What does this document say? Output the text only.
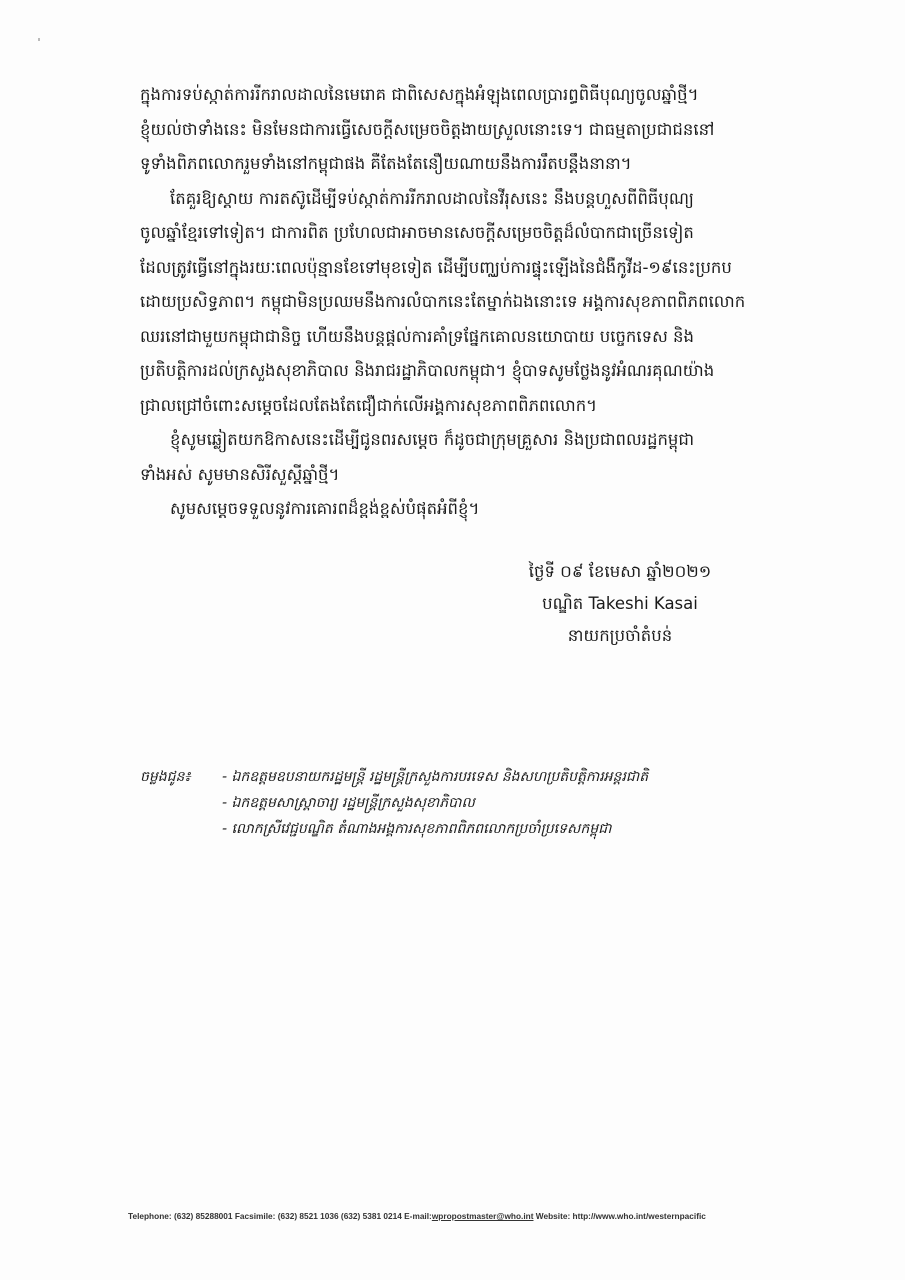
ក្នុងការទប់ស្កាត់ការរីករាលដាលនៃមេរោគ ជាពិសេសក្នុងអំឡុងពេលប្រារព្ធពិធីបុណ្យចូលឆ្នាំថ្មី។
ខ្ញុំយល់ថាទាំងនេះ មិនមែនជាការធ្វើសេចក្តីសម្រេចចិត្តងាយស្រួលនោះទេ។ ជាធម្មតាប្រជាជននៅ
ទូទាំងពិភពលោករួមទាំងនៅកម្ពុជាផង គឺតែងតែនឿយណាយនឹងការរឹតបន្តឹងនានា។
តែគួរឱ្យស្តាយ ការតស៊ូដើម្បីទប់ស្កាត់ការរីករាលដាលនៃវីរុសនេះ នឹងបន្តហួសពីពិធីបុណ្យ
ចូលឆ្នាំខ្មែរទៅទៀត។ ជាការពិត ប្រហែលជាអាចមានសេចក្តីសម្រេចចិត្តដ៏លំបាកជាច្រើនទៀត
ដែលត្រូវធ្វើនៅក្នុងរយៈពេលប៉ុន្មានខែទៅមុខទៀត ដើម្បីបញ្ឈប់ការផ្ទុះឡើងនៃជំងឺកូវីដ-១៩នេះប្រកប
ដោយប្រសិទ្ធភាព។ កម្ពុជាមិនប្រឈមនឹងការលំបាកនេះតែម្នាក់ឯងនោះទេ អង្គការសុខភាពពិភពលោក
ឈរនៅជាមួយកម្ពុជាជានិច្ច ហើយនឹងបន្តផ្តល់ការគាំទ្រផ្នែកគោលនយោបាយ បច្ចេកទេស និង
ប្រតិបត្តិការដល់ក្រសួងសុខាភិបាល និងរាជរដ្ឋាភិបាលកម្ពុជា។ ខ្ញុំបាទសូមថ្លែងនូវអំណរគុណយ៉ាង
ជ្រាលជ្រៅចំពោះសម្តេចដែលតែងតែជឿជាក់លើអង្គការសុខភាពពិភពលោក។
ខ្ញុំសូមឆ្លៀតយកឱកាសនេះដើម្បីជូនពរសម្តេច ក៏ដូចជាក្រុមគ្រួសារ និងប្រជាពលរដ្ឋកម្ពុជា
ទាំងអស់ សូមមានសិរីសួស្តីឆ្នាំថ្មី។
សូមសម្តេចទទួលនូវការគោរពដ៏ខ្ពង់ខ្ពស់បំផុតអំពីខ្ញុំ។
ថ្ងៃទី ០៩ ខែមេសា ឆ្នាំ២០២១
បណ្ឌិត Takeshi Kasai
នាយកប្រចាំតំបន់
ចម្លងជូន៖	- ឯកឧត្តមឧបនាយករដ្ឋមន្ត្រី រដ្ឋមន្ត្រីក្រសួងការបរទេស និងសហប្រតិបត្តិការអន្តរជាតិ
- ឯកឧត្តមសាស្ត្រាចារ្យ រដ្ឋមន្ត្រីក្រសួងសុខាភិបាល
- លោកស្រីវេជ្ជបណ្ឌិត តំណាងអង្គការសុខភាពពិភពលោកប្រចាំប្រទេសកម្ពុជា
Telephone: (632) 85288001 Facsimile: (632) 8521 1036 (632) 5381 0214 E-mail:wpropostmaster@who.int Website: http://www.who.int/westernpacific
